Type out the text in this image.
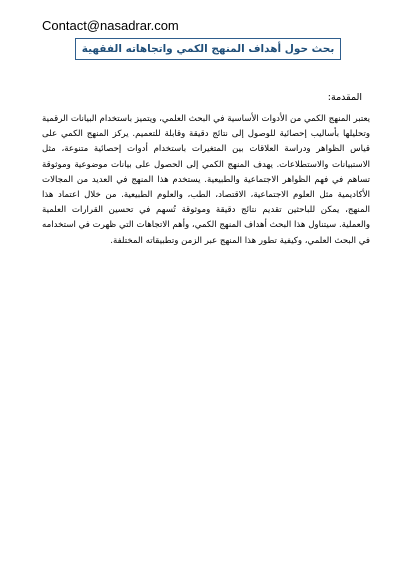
Contact@nasadrar.com
بحث حول أهداف المنهج الكمي واتجاهاته الفقهية
المقدمة:
يعتبر المنهج الكمي من الأدوات الأساسية في البحث العلمي، ويتميز باستخدام البيانات الرقمية وتحليلها بأساليب إحصائية للوصول إلى نتائج دقيقة وقابلة للتعميم. يركز المنهج الكمي على قياس الظواهر ودراسة العلاقات بين المتغيرات باستخدام أدوات إحصائية متنوعة، مثل الاستبيانات والاستطلاعات. يهدف المنهج الكمي إلى الحصول على بيانات موضوعية وموثوقة تساهم في فهم الظواهر الاجتماعية والطبيعية. يستخدم هذا المنهج في العديد من المجالات الأكاديمية مثل العلوم الاجتماعية، الاقتصاد، الطب، والعلوم الطبيعية. من خلال اعتماد هذا المنهج، يمكن للباحثين تقديم نتائج دقيقة وموثوقة تُسهم في تحسين القرارات العلمية والعملية. سيتناول هذا البحث أهداف المنهج الكمي، وأهم الاتجاهات التي ظهرت في استخدامه في البحث العلمي، وكيفية تطور هذا المنهج عبر الزمن وتطبيقاته المختلفة.
